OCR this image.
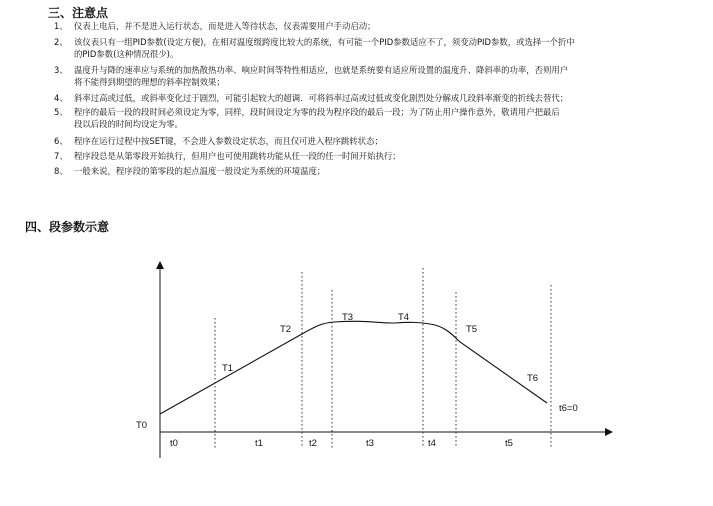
三、注意点
1、 仪表上电后，并不是进入运行状态，而是进入等待状态，仪表需要用户手动启动；
2、 该仪表只有一组PID参数(设定方便)，在相对温度级跨度比较大的系统，有可能一个PID参数适应不了，须变动PID参数，或选择一个折中
的PID参数(这种情况很少)。
3、 温度升与降的速率应与系统的加热散热功率、响应时间等特性相适应，也就是系统要有适应所设置的温度升、降斜率的功率，否则用户
将不能得到期望的理想的斜率控制效果；
4、 斜率过高或过低，或斜率变化过于剧烈，可能引起较大的超调．可将斜率过高或过低或变化剧烈处分解成几段斜率渐变的折线去替代；
5、 程序的最后一段的段时间必须设定为零，同样，段时间设定为零的段为程序段的最后一段；为了防止用户操作意外，敬请用户把最后
段以后段的时间均设定为零。
6、 程序在运行过程中按SET键，不会进入参数设定状态，而且仅可进入程序跳转状态；
7、 程序段总是从第零段开始执行，但用户也可使用跳转功能从任一段的任一时间开始执行；
8、 一般来说，程序段的第零段的起点温度一般设定为系统的环境温度；
四、段参数示意
T0
T1
T2
T3	T4
T5
T6
t0	t1	t2	t3	t4	t5
t6=0
